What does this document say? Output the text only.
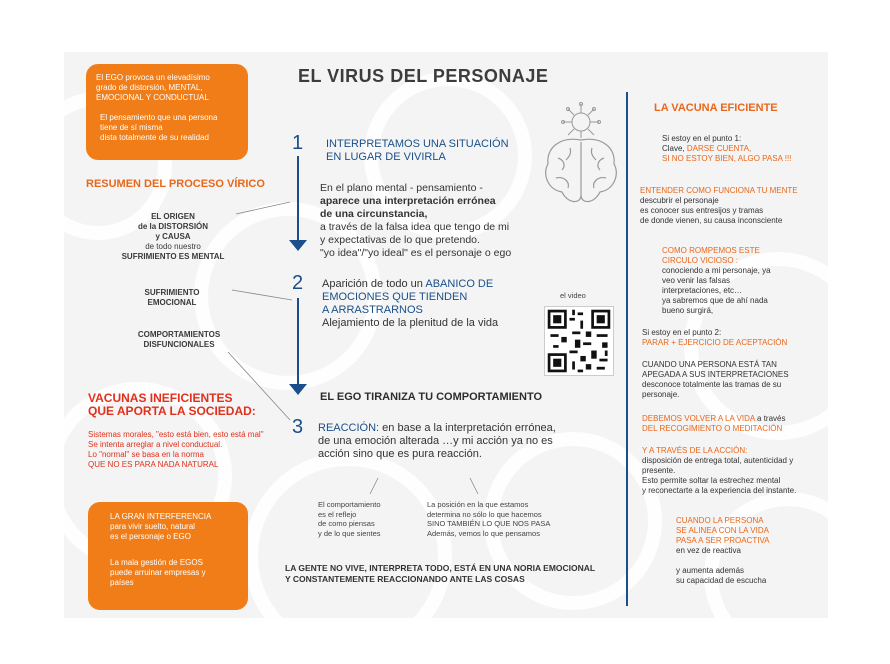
EL VIRUS DEL PERSONAJE

El EGO provoca un elevadísimo

grado de distorsión, MENTAL,

EMOCIONAL Y CONDUCTUAL

El pensamiento que una persona

tiene de sí misma

dista totalmente de su realidad

RESUMEN DEL PROCESO VÍRICO
EL ORIGEN
de la DISTORSIÓN
y CAUSA
de todo nuestro
SUFRIMIENTO ES MENTAL
SUFRIMIENTO
EMOCIONAL
COMPORTAMIENTOS
DISFUNCIONALES
VACUNAS INEFICIENTES
QUE APORTA LA SOCIEDAD:
Sistemas morales, "esto está bien, esto está mal"
Se intenta arreglar a nivel conductual.
Lo "normal" se basa en la norma
QUE NO ES PARA NADA NATURAL

LA GRAN INTERFERENCIA

para vivir suelto, natural

es el personaje o EGO

La mala gestión de EGOS

puede arruinar empresas y

países

1 INTERPRETAMOS UNA SITUACIÓN
EN LUGAR DE VIVIRLA
En el plano mental - pensamiento -
aparece una interpretación errónea
de una circunstancia,
a través de la falsa idea que tengo de mi
y expectativas de lo que pretendo.
"yo idea"/"yo ideal" es el personaje o ego
2 Aparición de todo un ABANICO DE
EMOCIONES QUE TIENDEN
A ARRASTRARNOS
Alejamiento de la plenitud de la vida
el video
EL EGO TIRANIZA TU COMPORTAMIENTO
3 REACCIÓN: en base a la interpretación errónea,
de una emoción alterada …y mi acción ya no es
acción sino que es pura reacción.
El comportamiento
es el reflejo
de como piensas
y de lo que sientes
La posición en la que estamos
determina no sólo lo que hacemos
SINO TAMBIÉN LO QUE NOS PASA
Además, vemos lo que pensamos
LA GENTE NO VIVE, INTERPRETA TODO, ESTÁ EN UNA NORIA EMOCIONAL
Y CONSTANTEMENTE REACCIONANDO ANTE LAS COSAS
LA VACUNA EFICIENTE
Si estoy en el punto 1:
Clave, DARSE CUENTA,
SI NO ESTOY BIEN, ALGO PASA !!!
ENTENDER COMO FUNCIONA TU MENTE
descubrir el personaje
es conocer sus entresijos y tramas
de donde vienen, su causa inconsciente
COMO ROMPEMOS ESTE
CIRCULO VICIOSO :
conociendo a mi personaje, ya
veo venir las falsas
interpretaciones, etc…
ya sabremos que de ahí nada
bueno surgirá,
Si estoy en el punto 2:
PARAR + EJERCICIO DE ACEPTACIÓN
CUANDO UNA PERSONA ESTÁ TAN
APEGADA A SUS INTERPRETACIONES
desconoce totalmente las tramas de su
personaje.
DEBEMOS VOLVER A LA VIDA a través
DEL RECOGIMIENTO O MEDITACIÓN
Y A TRAVÉS DE LA ACCIÓN:
disposición de entrega total, autenticidad y
presente.
Esto permite soltar la estrechez mental
y reconectarte a la experiencia del instante.
CUANDO LA PERSONA
SE ALINEA CON LA VIDA
PASA A SER PROACTIVA
en vez de reactiva
y aumenta además
su capacidad de escucha
